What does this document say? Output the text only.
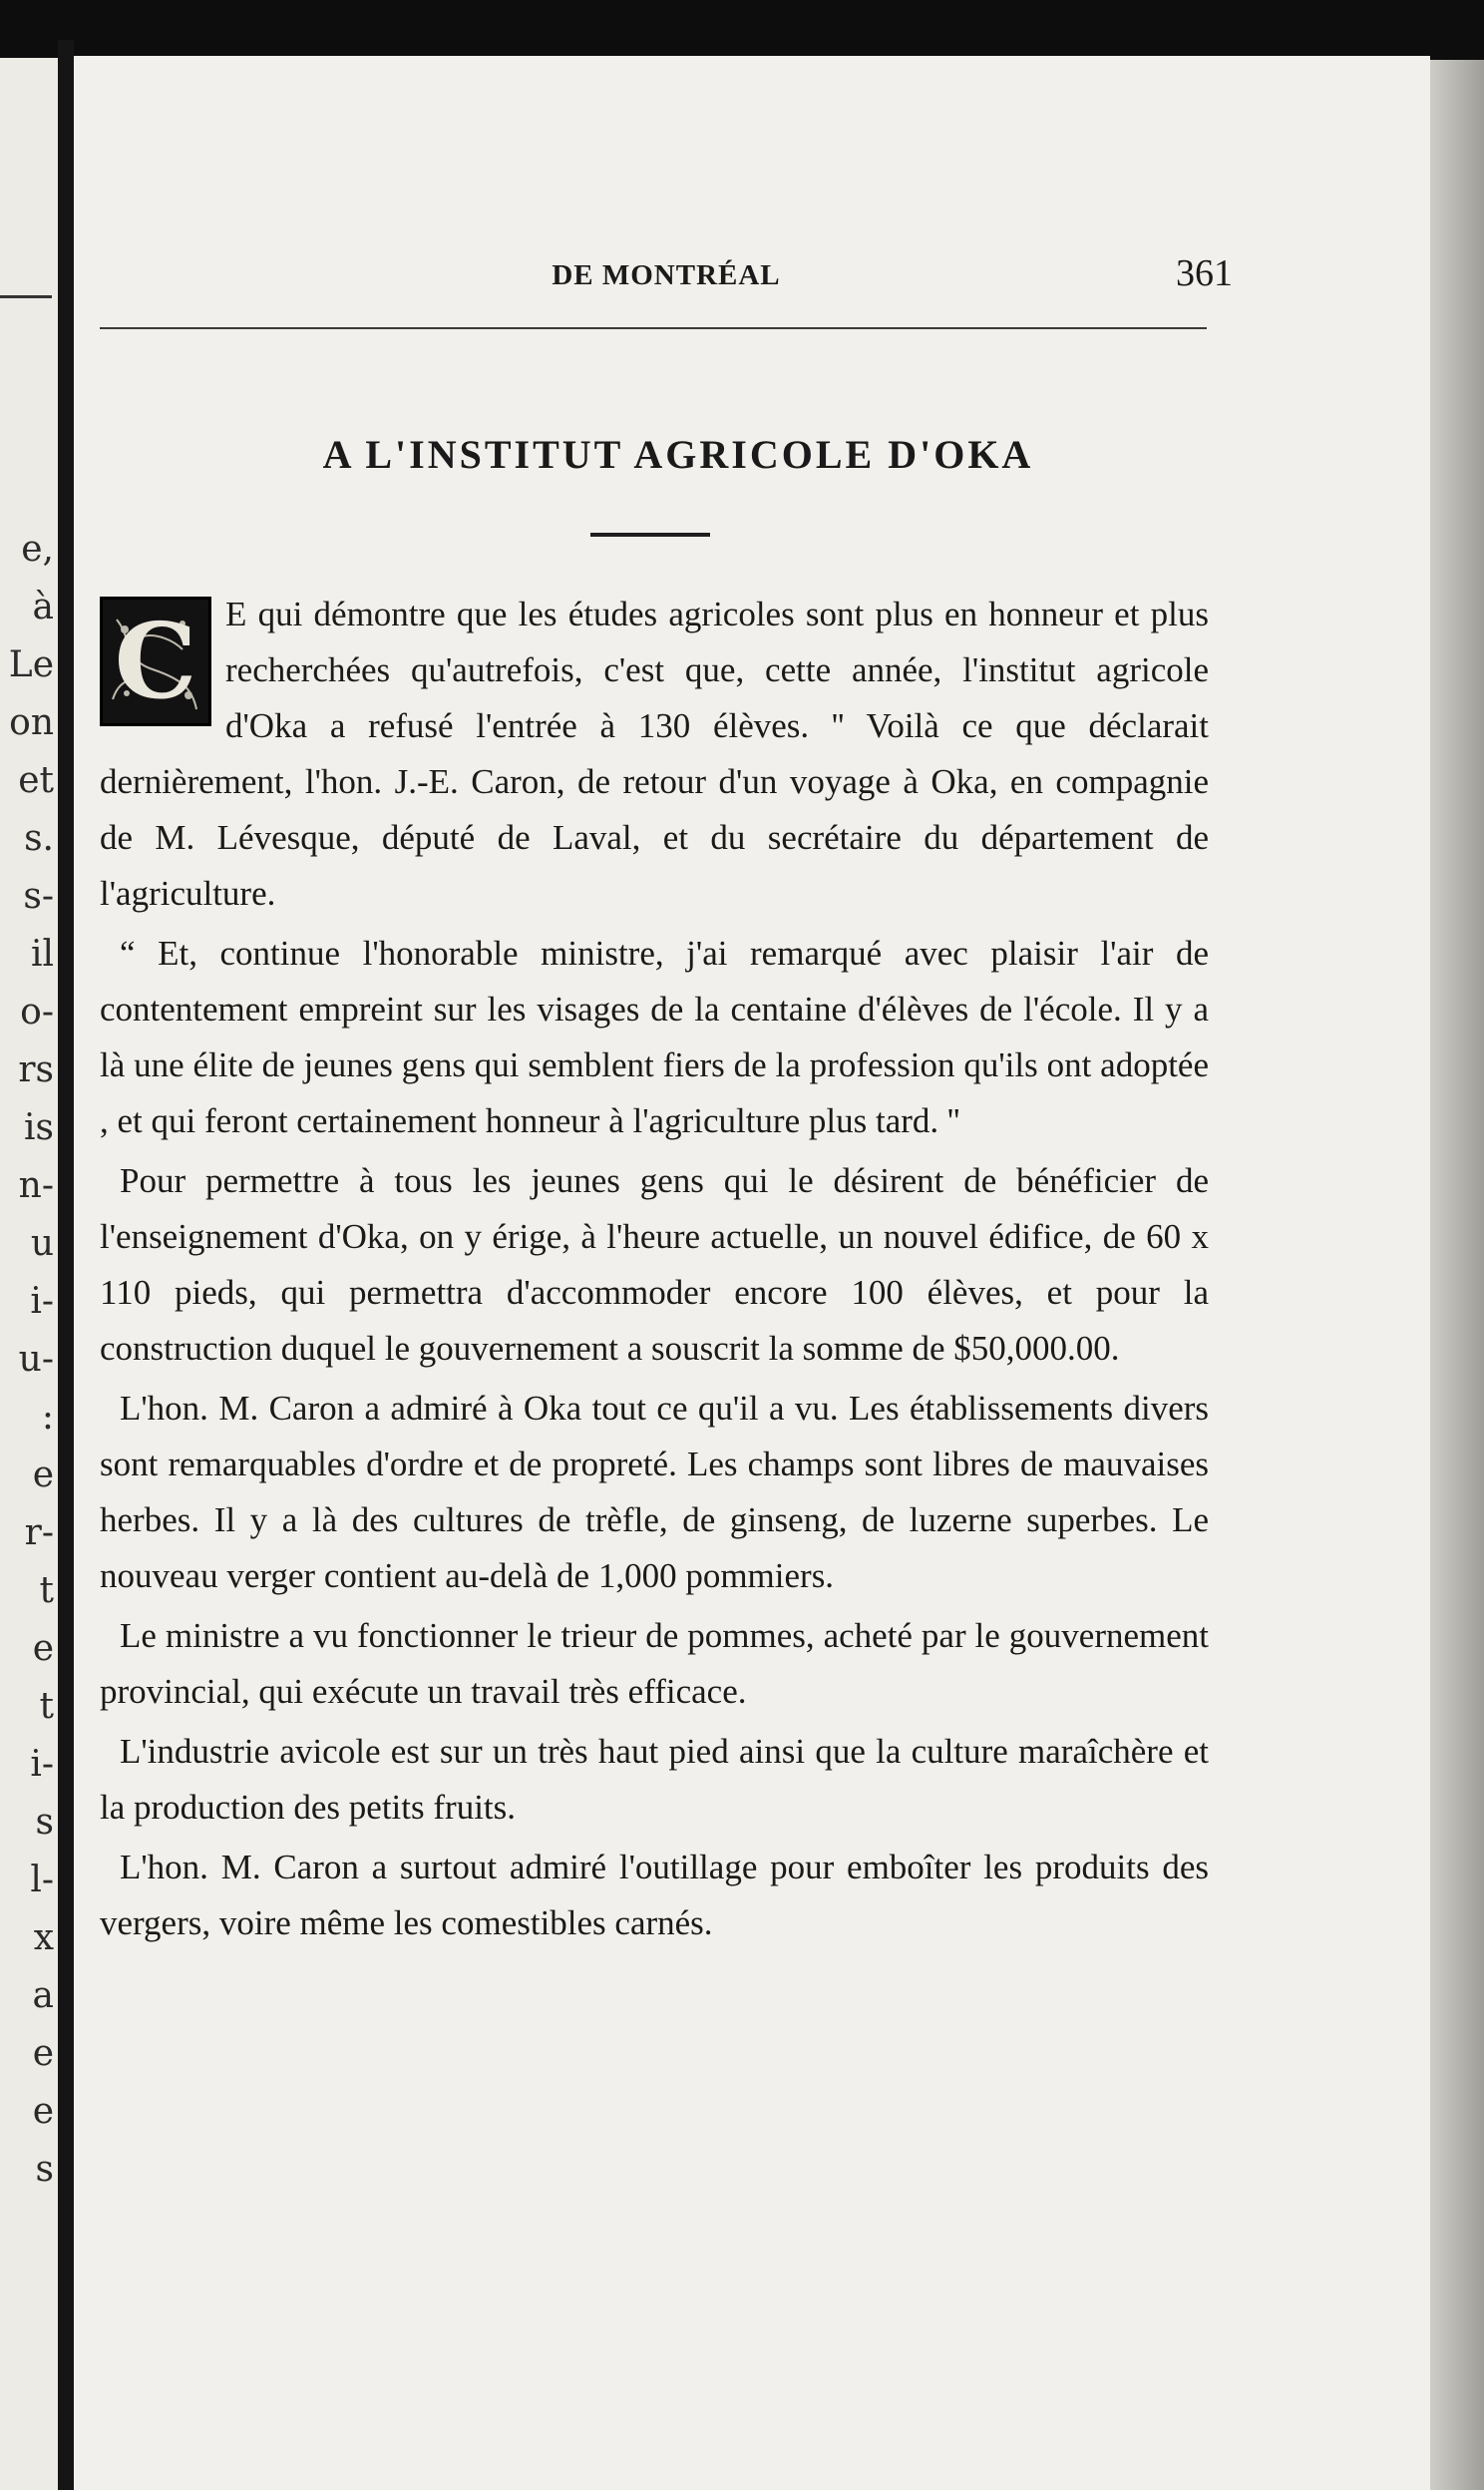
e,
à
Le
on
et
s.
s-
il
o-
rs
is
n-
u
i-
u-
:
e
r-
t
e
t
i-
s
l-
x
a
e
e
s
DE MONTRÉAL	361
A L'INSTITUT AGRICOLE D'OKA

C E qui démontre que les études agricoles sont plus en honneur et plus recherchées qu'autrefois, c'est que, cette année, l'institut agricole d'Oka a refusé l'entrée à 130 élèves. '' Voilà ce que déclarait dernièrement, l'hon. J.-E. Caron, de retour d'un voyage à Oka, en compagnie de M. Lévesque, député de Laval, et du secrétaire du département de l'agriculture.

“ Et, continue l'honorable ministre, j'ai remarqué avec plaisir l'air de contentement empreint sur les visages de la centaine d'élèves de l'école. Il y a là une élite de jeunes gens qui semblent fiers de la profession qu'ils ont adoptée , et qui feront certainement honneur à l'agriculture plus tard. ''

Pour permettre à tous les jeunes gens qui le désirent de bénéficier de l'enseignement d'Oka, on y érige, à l'heure actuelle, un nouvel édifice, de 60 x 110 pieds, qui permettra d'accommoder encore 100 élèves, et pour la construction duquel le gouvernement a souscrit la somme de $50,000.00.

L'hon. M. Caron a admiré à Oka tout ce qu'il a vu. Les établissements divers sont remarquables d'ordre et de propreté. Les champs sont libres de mauvaises herbes. Il y a là des cultures de trèfle, de ginseng, de luzerne superbes. Le nouveau verger contient au-delà de 1,000 pommiers.

Le ministre a vu fonctionner le trieur de pommes, acheté par le gouvernement provincial, qui exécute un travail très efficace.

L'industrie avicole est sur un très haut pied ainsi que la culture maraîchère et la production des petits fruits.

L'hon. M. Caron a surtout admiré l'outillage pour emboîter les produits des vergers, voire même les comestibles carnés.
